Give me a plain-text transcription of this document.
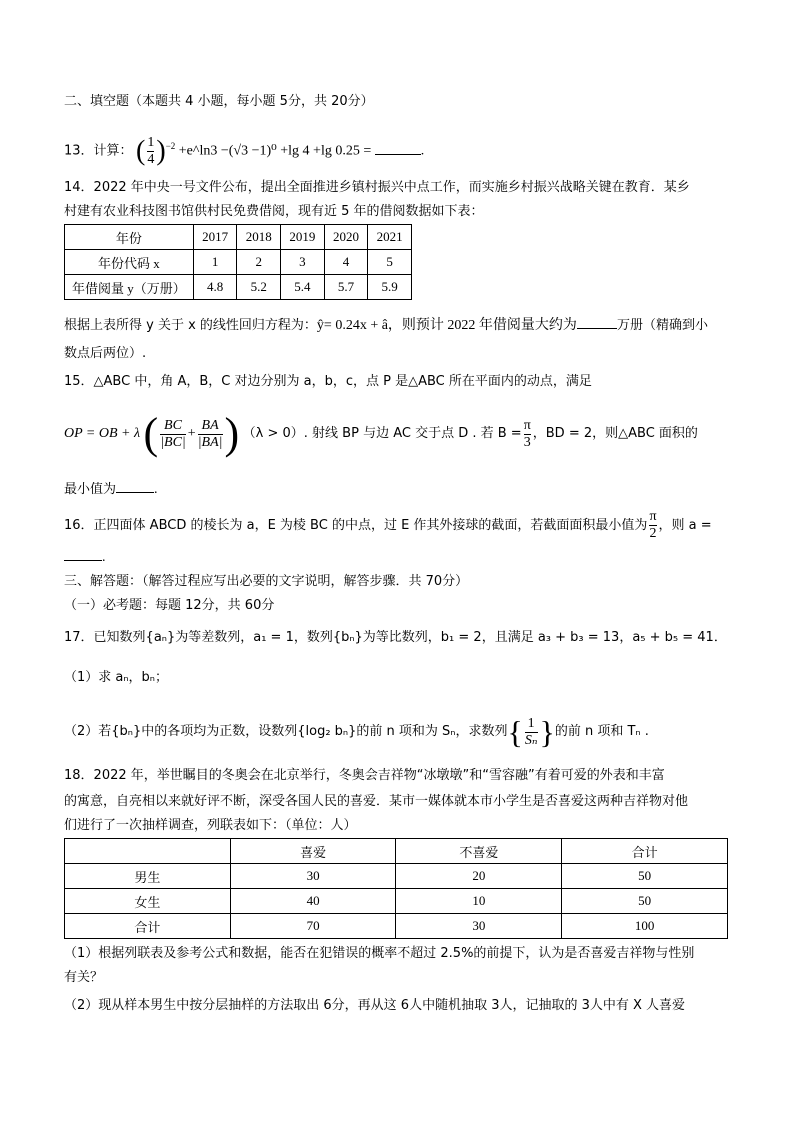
二、填空题（本题共 4 小题，每小题 5分，共 20分）
13．计算： ( $\frac{1}{4} )^{-2}$ +e^ln3 −(√3 −1)⁰ +lg 4 +lg 0.25 =	.
14．2022 年中央一号文件公布，提出全面推进乡镇村振兴中点工作，而实施乡村振兴战略关键在教育．某乡
村建有农业科技图书馆供村民免费借阅，现有近 5 年的借阅数据如下表：
年份	2017	2018	2019	2020	2021
年份代码 x	1	2	3	4	5
年借阅量 y（万册）	4.8	5.2	5.4	5.7	5.9
根据上表所得 y 关于 x 的线性回归方程为：ŷ= 0.24x + â，则预计 2022 年借阅量大约为	万册（精确到小
数点后两位）.
15．△ABC 中，角 A，B，C 对边分别为 a，b，c，点 P 是△ABC 所在平面内的动点，满足
OP = OB + λ ( $\frac{BC}{|BC|} + \frac{BA}{|BA|}$ ) （λ > 0）. 射线 BP 与边 AC 交于点 D . 若 $B = \frac{\pi}{3}$ ，BD = 2，则△ABC 面积的
最小值为	.
16．正四面体 ABCD 的棱长为 a，E 为棱 BC 的中点，过 E 作其外接球的截面，若截面面积最小值为 $\frac{\pi}{2}$ ，则 a =
.
三、解答题：（解答过程应写出必要的文字说明，解答步骤．共 70分）
（一）必考题：每题 12分，共 60分
17．已知数列{aₙ}为等差数列，a₁ = 1，数列{bₙ}为等比数列，b₁ = 2，且满足 a₃ + b₃ = 13，a₅ + b₅ = 41．
（1）求 aₙ，bₙ；
（2）若{bₙ}中的各项均为正数，设数列{log₂ bₙ}的前 n 项和为 Sₙ，求数列{ $\frac{1}{\text{Sₙ}}$ }的前 n 项和 Tₙ .
18．2022 年，举世瞩目的冬奥会在北京举行，冬奥会吉祥物“冰墩墩”和“雪容融”有着可爱的外表和丰富
的寓意，自亮相以来就好评不断，深受各国人民的喜爱．某市一媒体就本市小学生是否喜爱这两种吉祥物对他
们进行了一次抽样调查，列联表如下：（单位：人）
	喜爱	不喜爱	合计
男生	30	20	50
女生	40	10	50
合计	70	30	100
（1）根据列联表及参考公式和数据，能否在犯错误的概率不超过 2.5%的前提下，认为是否喜爱吉祥物与性别
有关？
（2）现从样本男生中按分层抽样的方法取出 6分，再从这 6人中随机抽取 3人，记抽取的 3人中有 X 人喜爱
